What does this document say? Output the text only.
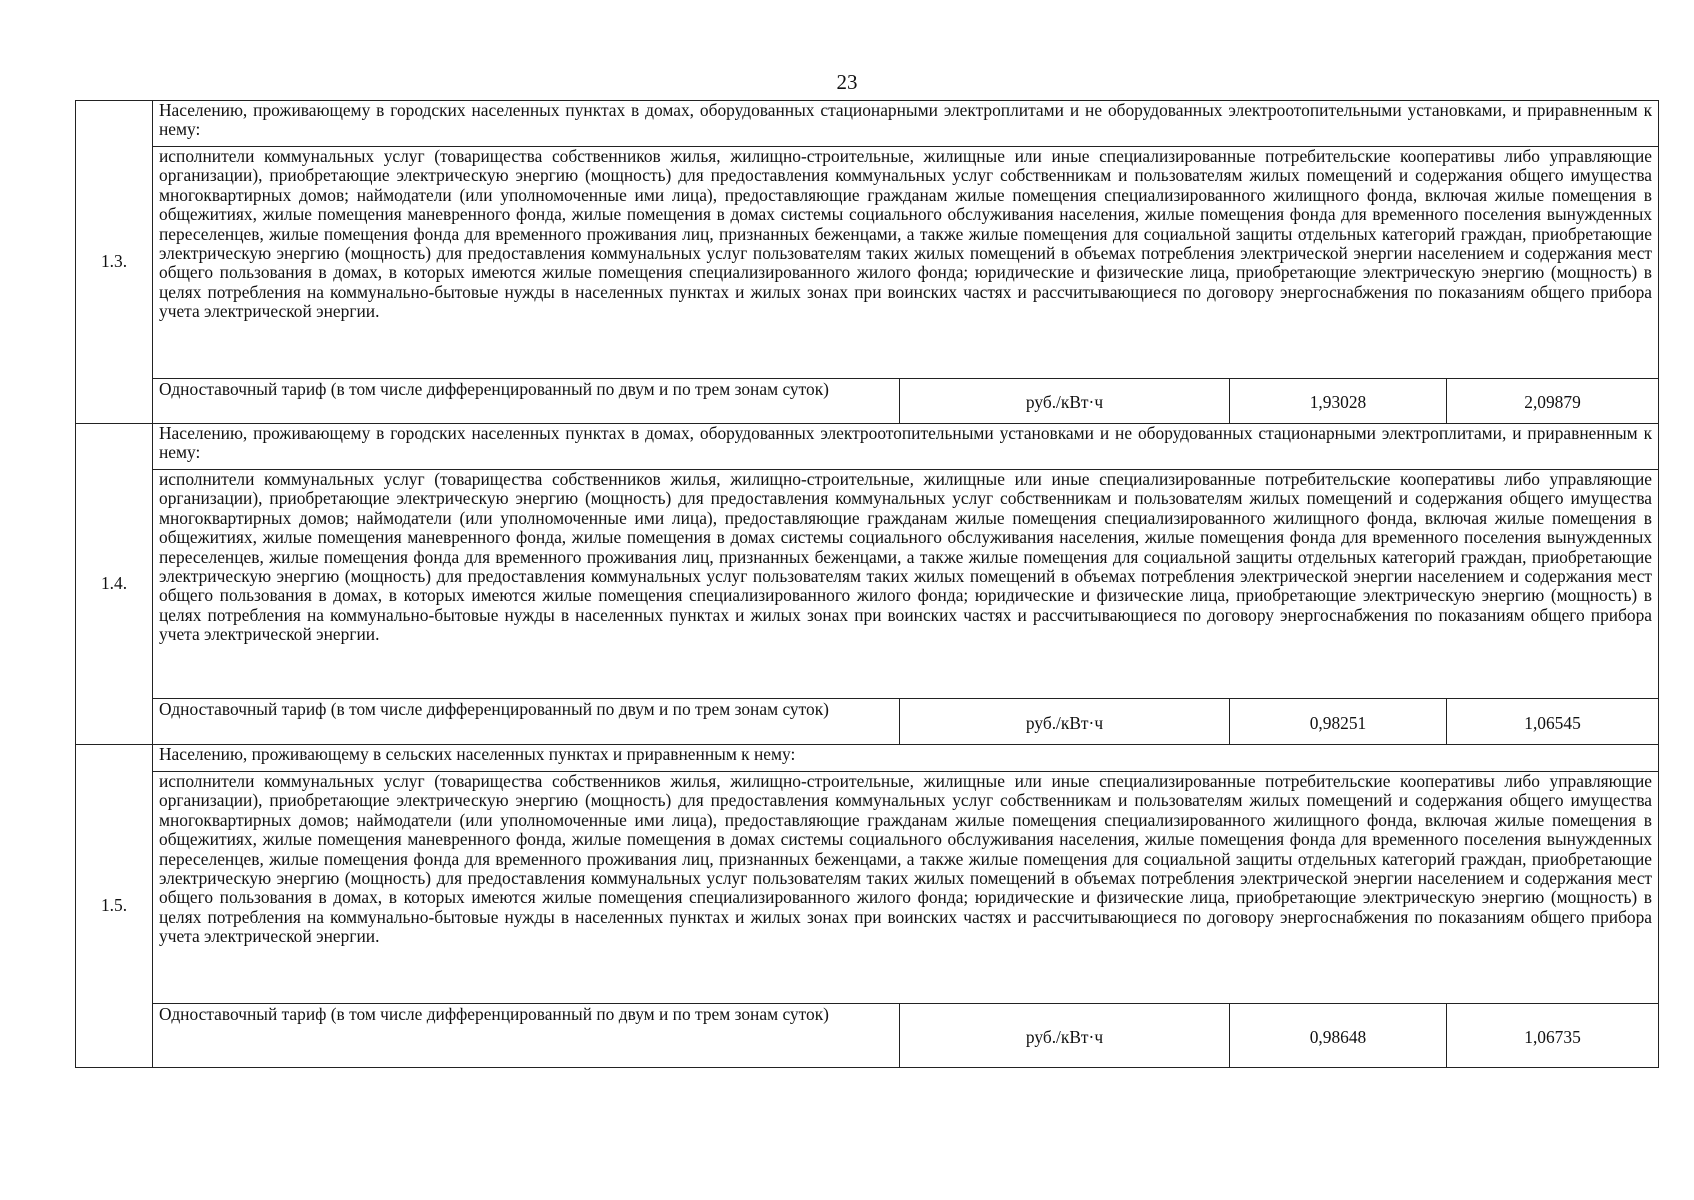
23
1.3.	Населению, проживающему в городских населенных пунктах в домах, оборудованных стационарными электроплитами и не оборудованных электроотопительными установками, и приравненным к нему:			
	исполнители коммунальных услуг (товарищества собственников жилья, жилищно-строительные, жилищные или иные специализированные потребительские кооперативы либо управляющие организации), приобретающие электрическую энергию (мощность) для предоставления коммунальных услуг собственникам и пользователям жилых помещений и содержания общего имущества многоквартирных домов; наймодатели (или уполномоченные ими лица), предоставляющие гражданам жилые помещения специализированного жилищного фонда, включая жилые помещения в общежитиях, жилые помещения маневренного фонда, жилые помещения в домах системы социального обслуживания населения, жилые помещения фонда для временного поселения вынужденных переселенцев, жилые помещения фонда для временного проживания лиц, признанных беженцами, а также жилые помещения для социальной защиты отдельных категорий граждан, приобретающие электрическую энергию (мощность) для предоставления коммунальных услуг пользователям таких жилых помещений в объемах потребления электрической энергии населением и содержания мест общего пользования в домах, в которых имеются жилые помещения специализированного жилого фонда; юридические и физические лица, приобретающие электрическую энергию (мощность) в целях потребления на коммунально-бытовые нужды в населенных пунктах и жилых зонах при воинских частях и рассчитывающиеся по договору энергоснабжения по показаниям общего прибора учета электрической энергии.			
	Одноставочный тариф (в том числе дифференцированный по двум и по трем зонам суток)	руб./кВт·ч	1,93028	2,09879
1.4.	Населению, проживающему в городских населенных пунктах в домах, оборудованных электроотопительными установками и не оборудованных стационарными электроплитами, и приравненным к нему:			
	исполнители коммунальных услуг (товарищества собственников жилья, жилищно-строительные, жилищные или иные специализированные потребительские кооперативы либо управляющие организации), приобретающие электрическую энергию (мощность) для предоставления коммунальных услуг собственникам и пользователям жилых помещений и содержания общего имущества многоквартирных домов; наймодатели (или уполномоченные ими лица), предоставляющие гражданам жилые помещения специализированного жилищного фонда, включая жилые помещения в общежитиях, жилые помещения маневренного фонда, жилые помещения в домах системы социального обслуживания населения, жилые помещения фонда для временного поселения вынужденных переселенцев, жилые помещения фонда для временного проживания лиц, признанных беженцами, а также жилые помещения для социальной защиты отдельных категорий граждан, приобретающие электрическую энергию (мощность) для предоставления коммунальных услуг пользователям таких жилых помещений в объемах потребления электрической энергии населением и содержания мест общего пользования в домах, в которых имеются жилые помещения специализированного жилого фонда; юридические и физические лица, приобретающие электрическую энергию (мощность) в целях потребления на коммунально-бытовые нужды в населенных пунктах и жилых зонах при воинских частях и рассчитывающиеся по договору энергоснабжения по показаниям общего прибора учета электрической энергии.			
	Одноставочный тариф (в том числе дифференцированный по двум и по трем зонам суток)	руб./кВт·ч	0,98251	1,06545
1.5.	Населению, проживающему в сельских населенных пунктах и приравненным к нему:			
	исполнители коммунальных услуг (товарищества собственников жилья, жилищно-строительные, жилищные или иные специализированные потребительские кооперативы либо управляющие организации), приобретающие электрическую энергию (мощность) для предоставления коммунальных услуг собственникам и пользователям жилых помещений и содержания общего имущества многоквартирных домов; наймодатели (или уполномоченные ими лица), предоставляющие гражданам жилые помещения специализированного жилищного фонда, включая жилые помещения в общежитиях, жилые помещения маневренного фонда, жилые помещения в домах системы социального обслуживания населения, жилые помещения фонда для временного поселения вынужденных переселенцев, жилые помещения фонда для временного проживания лиц, признанных беженцами, а также жилые помещения для социальной защиты отдельных категорий граждан, приобретающие электрическую энергию (мощность) для предоставления коммунальных услуг пользователям таких жилых помещений в объемах потребления электрической энергии населением и содержания мест общего пользования в домах, в которых имеются жилые помещения специализированного жилого фонда; юридические и физические лица, приобретающие электрическую энергию (мощность) в целях потребления на коммунально-бытовые нужды в населенных пунктах и жилых зонах при воинских частях и рассчитывающиеся по договору энергоснабжения по показаниям общего прибора учета электрической энергии.			
	Одноставочный тариф (в том числе дифференцированный по двум и по трем зонам суток)	руб./кВт·ч	0,98648	1,06735
